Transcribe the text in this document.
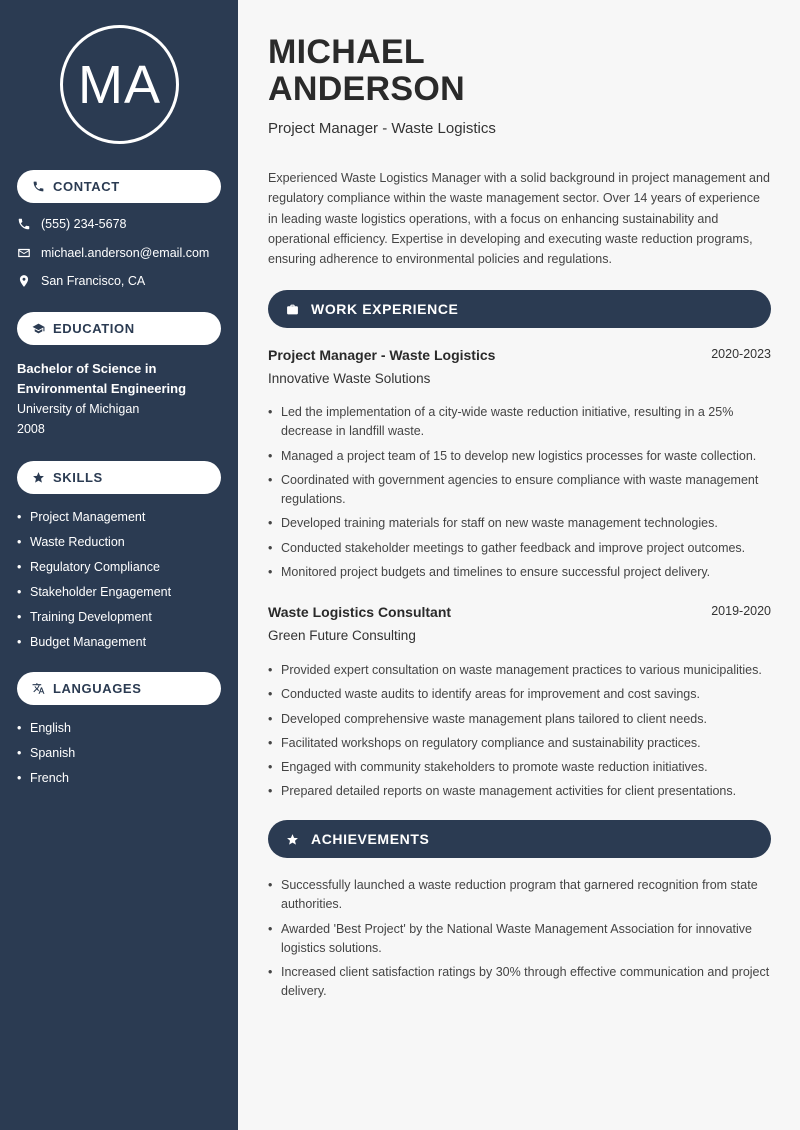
MA
CONTACT
(555) 234-5678
michael.anderson@email.com
San Francisco, CA
EDUCATION
Bachelor of Science in Environmental Engineering
University of Michigan
2008
SKILLS
• Project Management
• Waste Reduction
• Regulatory Compliance
• Stakeholder Engagement
• Training Development
• Budget Management
LANGUAGES
• English
• Spanish
• French
MICHAEL
ANDERSON
Project Manager - Waste Logistics
Experienced Waste Logistics Manager with a solid background in project management and regulatory compliance within the waste management sector. Over 14 years of experience in leading waste logistics operations, with a focus on enhancing sustainability and operational efficiency. Expertise in developing and executing waste reduction programs, ensuring adherence to environmental policies and regulations.
WORK EXPERIENCE
Project Manager - Waste Logistics	2020-2023
Innovative Waste Solutions
• Led the implementation of a city-wide waste reduction initiative, resulting in a 25% decrease in landfill waste.
• Managed a project team of 15 to develop new logistics processes for waste collection.
• Coordinated with government agencies to ensure compliance with waste management regulations.
• Developed training materials for staff on new waste management technologies.
• Conducted stakeholder meetings to gather feedback and improve project outcomes.
• Monitored project budgets and timelines to ensure successful project delivery.
Waste Logistics Consultant	2019-2020
Green Future Consulting
• Provided expert consultation on waste management practices to various municipalities.
• Conducted waste audits to identify areas for improvement and cost savings.
• Developed comprehensive waste management plans tailored to client needs.
• Facilitated workshops on regulatory compliance and sustainability practices.
• Engaged with community stakeholders to promote waste reduction initiatives.
• Prepared detailed reports on waste management activities for client presentations.
ACHIEVEMENTS
• Successfully launched a waste reduction program that garnered recognition from state authorities.
• Awarded 'Best Project' by the National Waste Management Association for innovative logistics solutions.
• Increased client satisfaction ratings by 30% through effective communication and project delivery.
